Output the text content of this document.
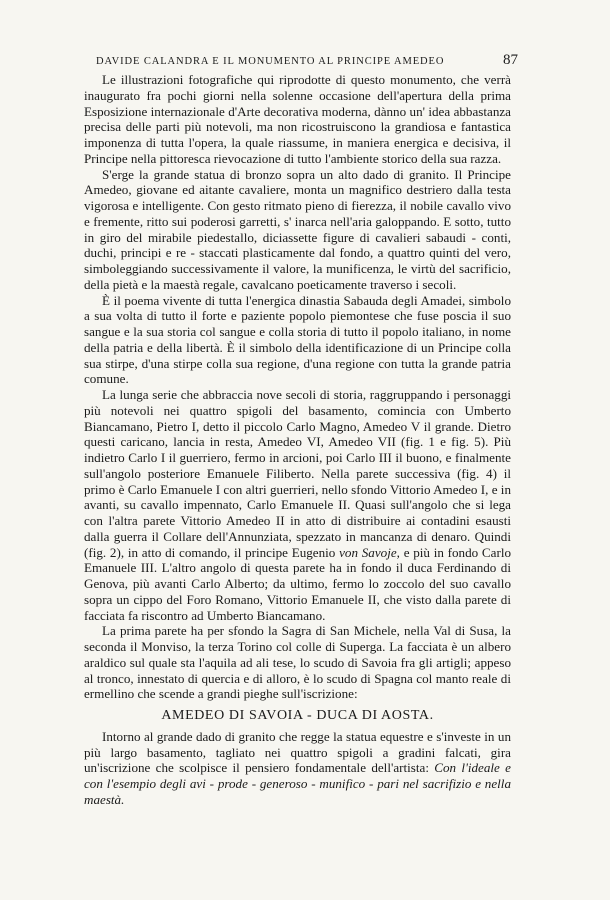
DAVIDE CALANDRA E IL MONUMENTO AL PRINCIPE AMEDEO	87

Le illustrazioni fotografiche qui riprodotte di questo monumento, che verrà inaugurato fra pochi giorni nella solenne occasione dell'apertura della prima Esposizione internazionale d'Arte decorativa moderna, dànno un' idea abbastanza precisa delle parti più notevoli, ma non ricostruiscono la grandiosa e fantastica imponenza di tutta l'opera, la quale riassume, in maniera energica e decisiva, il Principe nella pittoresca rievocazione di tutto l'ambiente storico della sua razza.

S'erge la grande statua di bronzo sopra un alto dado di granito. Il Principe Amedeo, giovane ed aitante cavaliere, monta un magnifico destriero dalla testa vigorosa e intelligente. Con gesto ritmato pieno di fierezza, il nobile cavallo vivo e fremente, ritto sui poderosi garretti, s' inarca nell'aria galoppando. E sotto, tutto in giro del mirabile piedestallo, diciassette figure di cavalieri sabaudi - conti, duchi, principi e re - staccati plasticamente dal fondo, a quattro quinti del vero, simboleggiando successivamente il valore, la munificenza, le virtù del sacrificio, della pietà e la maestà regale, cavalcano poeticamente traverso i secoli.

È il poema vivente di tutta l'energica dinastia Sabauda degli Amadei, simbolo a sua volta di tutto il forte e paziente popolo piemontese che fuse poscia il suo sangue e la sua storia col sangue e colla storia di tutto il popolo italiano, in nome della patria e della libertà. È il simbolo della identificazione di un Principe colla sua stirpe, d'una stirpe colla sua regione, d'una regione con tutta la grande patria comune.

La lunga serie che abbraccia nove secoli di storia, raggruppando i personaggi più notevoli nei quattro spigoli del basamento, comincia con Umberto Biancamano, Pietro I, detto il piccolo Carlo Magno, Amedeo V il grande. Dietro questi caricano, lancia in resta, Amedeo VI, Amedeo VII (fig. 1 e fig. 5). Più indietro Carlo I il guerriero, fermo in arcioni, poi Carlo III il buono, e finalmente sull'angolo posteriore Emanuele Filiberto. Nella parete successiva (fig. 4) il primo è Carlo Emanuele I con altri guerrieri, nello sfondo Vittorio Amedeo I, e in avanti, su cavallo impennato, Carlo Emanuele II. Quasi sull'angolo che si lega con l'altra parete Vittorio Amedeo II in atto di distribuire ai contadini esausti dalla guerra il Collare dell'Annunziata, spezzato in mancanza di denaro. Quindi (fig. 2), in atto di comando, il principe Eugenio von Savoje, e più in fondo Carlo Emanuele III. L'altro angolo di questa parete ha in fondo il duca Ferdinando di Genova, più avanti Carlo Alberto; da ultimo, fermo lo zoccolo del suo cavallo sopra un cippo del Foro Romano, Vittorio Emanuele II, che visto dalla parete di facciata fa riscontro ad Umberto Biancamano.

La prima parete ha per sfondo la Sagra di San Michele, nella Val di Susa, la seconda il Monviso, la terza Torino col colle di Superga. La facciata è un albero araldico sul quale sta l'aquila ad ali tese, lo scudo di Savoia fra gli artigli; appeso al tronco, innestato di quercia e di alloro, è lo scudo di Spagna col manto reale di ermellino che scende a grandi pieghe sull'iscrizione:

AMEDEO DI SAVOIA - DUCA DI AOSTA.

Intorno al grande dado di granito che regge la statua equestre e s'investe in un più largo basamento, tagliato nei quattro spigoli a gradini falcati, gira un'iscrizione che scolpisce il pensiero fondamentale dell'artista: Con l'ideale e con l'esempio degli avi - prode - generoso - munifico - pari nel sacrifizio e nella maestà.
